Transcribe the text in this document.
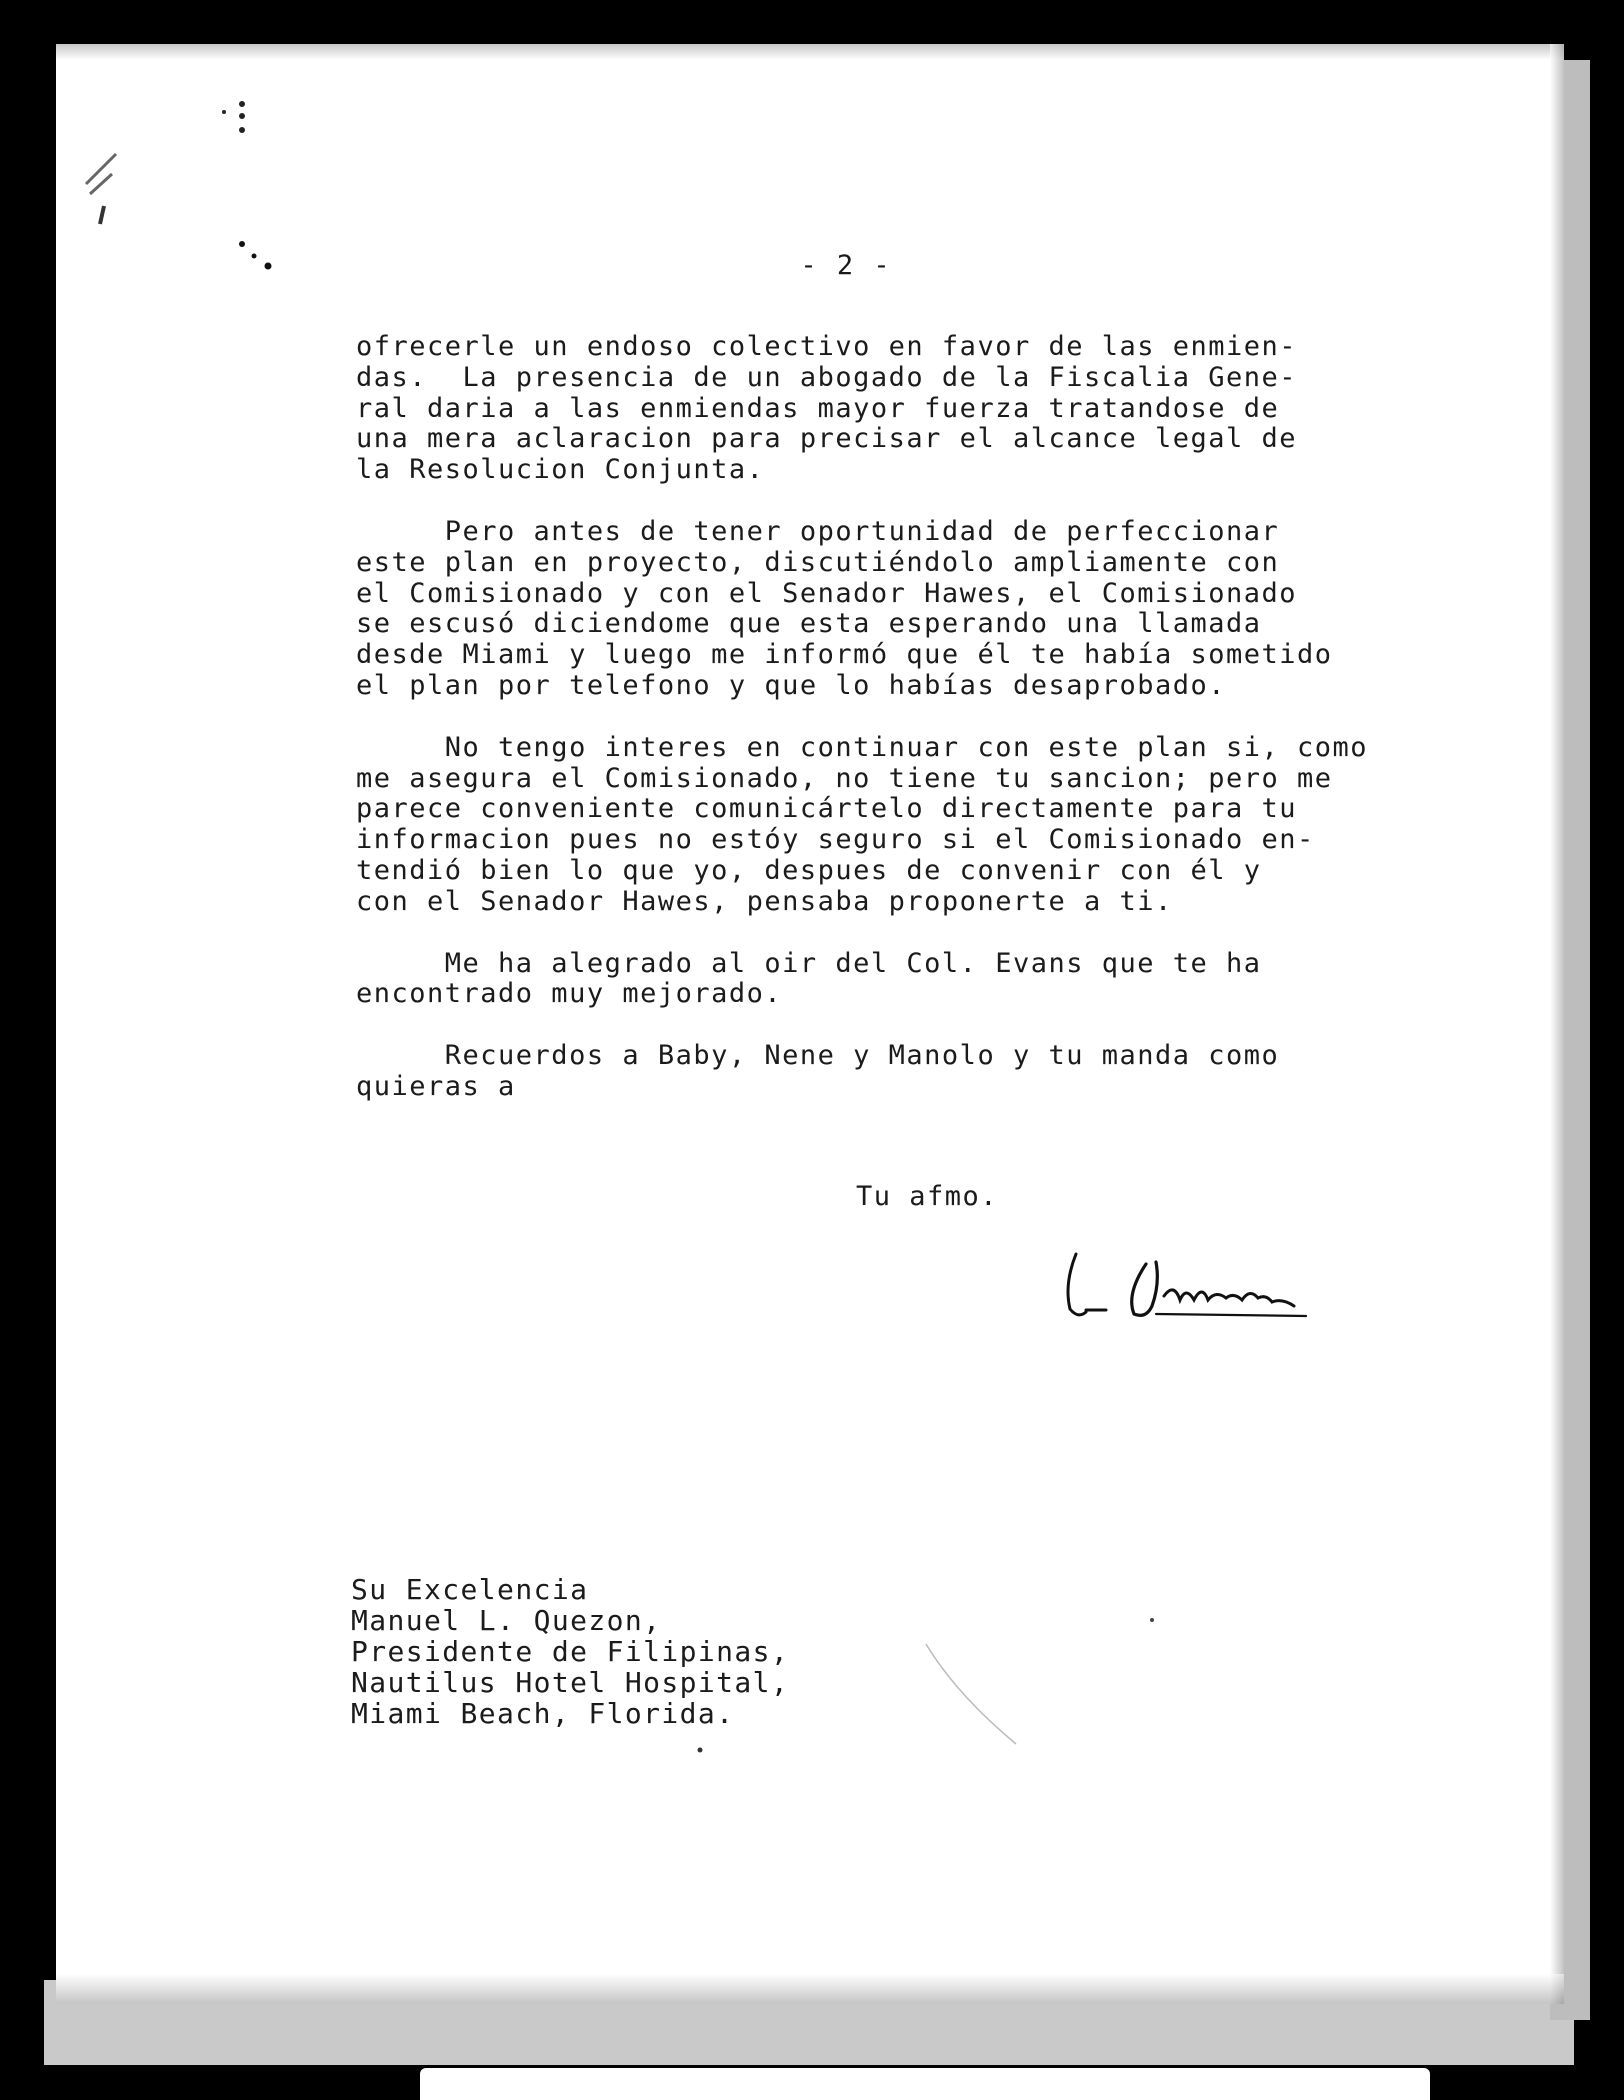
- 2 -

ofrecerle un endoso colectivo en favor de las enmien-
das.  La presencia de un abogado de la Fiscalia Gene-
ral daria a las enmiendas mayor fuerza tratandose de
una mera aclaracion para precisar el alcance legal de
la Resolucion Conjunta.

Pero antes de tener oportunidad de perfeccionar
este plan en proyecto, discutiéndolo ampliamente con
el Comisionado y con el Senador Hawes, el Comisionado
se escusó diciendome que esta esperando una llamada
desde Miami y luego me informó que él te había sometido
el plan por telefono y que lo habías desaprobado.

No tengo interes en continuar con este plan si, como
me asegura el Comisionado, no tiene tu sancion; pero me
parece conveniente comunicártelo directamente para tu
informacion pues no estóy seguro si el Comisionado en-
tendió bien lo que yo, despues de convenir con él y
con el Senador Hawes, pensaba proponerte a ti.

Me ha alegrado al oir del Col. Evans que te ha
encontrado muy mejorado.

Recuerdos a Baby, Nene y Manolo y tu manda como
quieras a

Tu afmo.
Su Excelencia
Manuel L. Quezon,
Presidente de Filipinas,
Nautilus Hotel Hospital,
Miami Beach, Florida.
